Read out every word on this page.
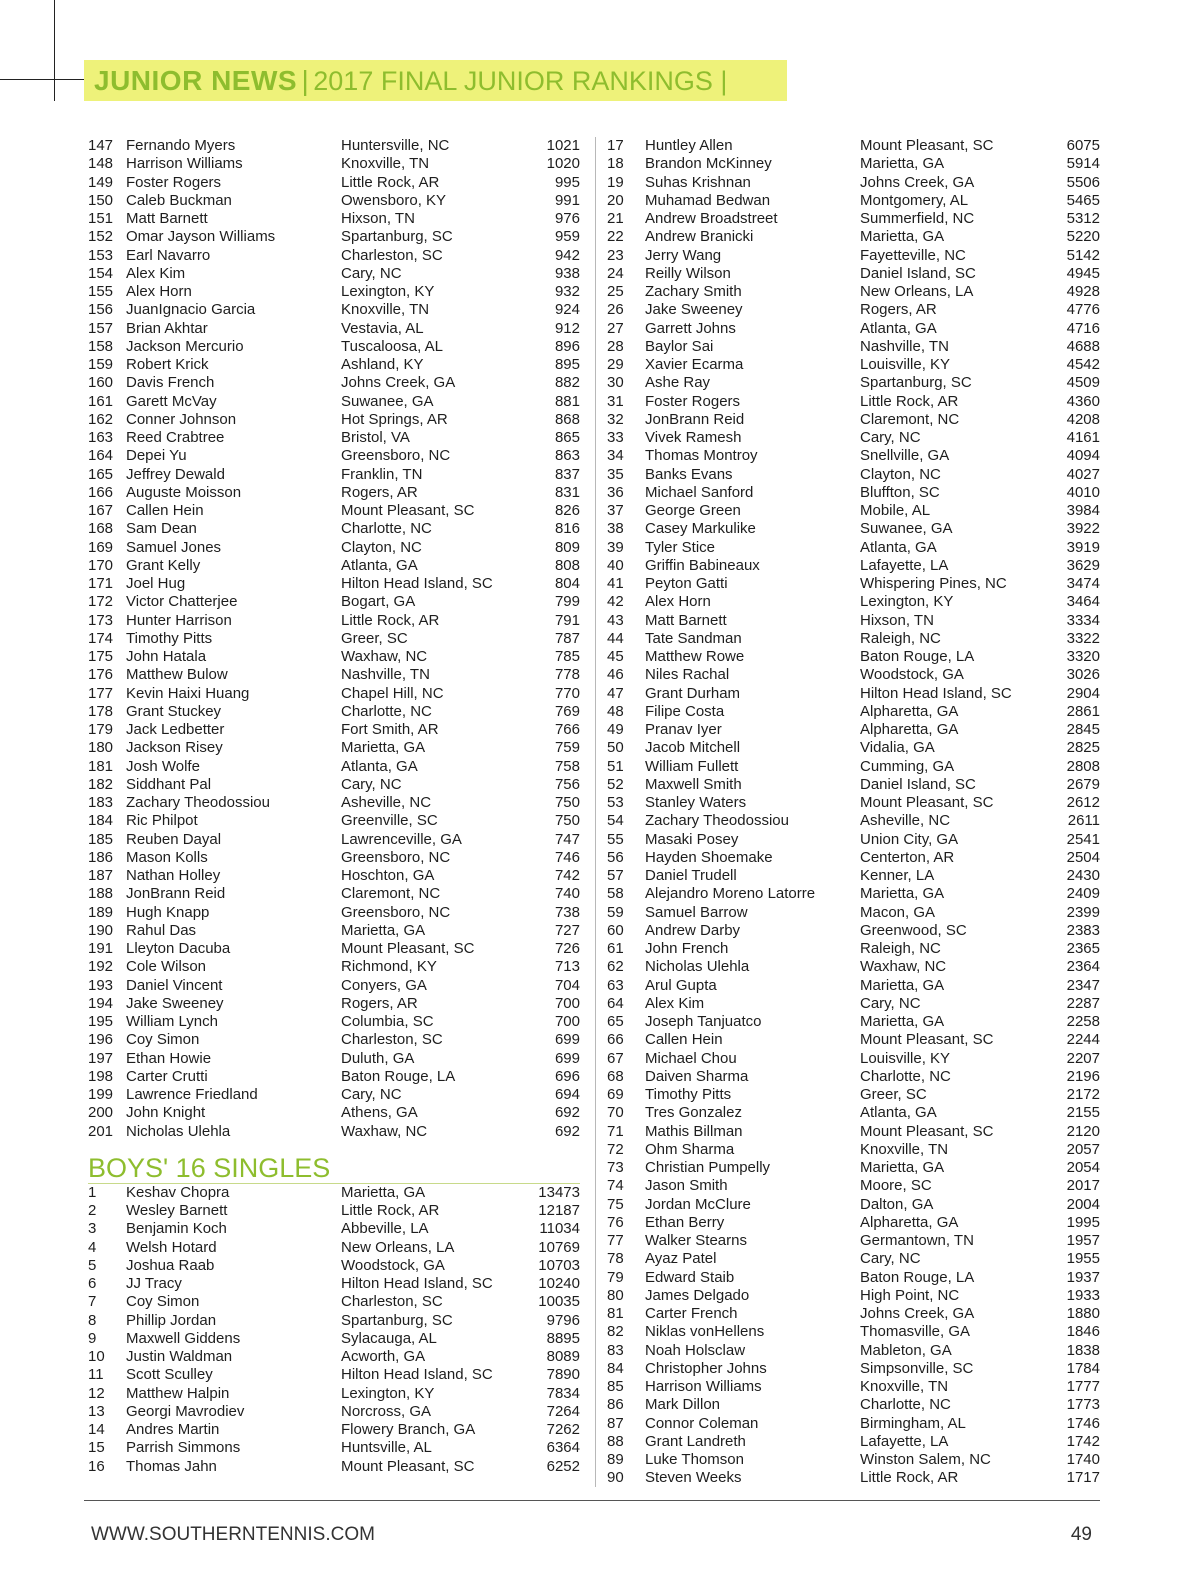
JUNIOR NEWS | 2017 FINAL JUNIOR RANKINGS |
147 Fernando Myers	Huntersville, NC	1021
148 Harrison Williams	Knoxville, TN	1020
149 Foster Rogers	Little Rock, AR	995
150 Caleb Buckman	Owensboro, KY	991
151 Matt Barnett	Hixson, TN	976
152 Omar Jayson Williams	Spartanburg, SC	959
153 Earl Navarro	Charleston, SC	942
154 Alex Kim	Cary, NC	938
155 Alex Horn	Lexington, KY	932
156 JuanIgnacio Garcia	Knoxville, TN	924
157 Brian Akhtar	Vestavia, AL	912
158 Jackson Mercurio	Tuscaloosa, AL	896
159 Robert Krick	Ashland, KY	895
160 Davis French	Johns Creek, GA	882
161 Garett McVay	Suwanee, GA	881
162 Conner Johnson	Hot Springs, AR	868
163 Reed Crabtree	Bristol, VA	865
164 Depei Yu	Greensboro, NC	863
165 Jeffrey Dewald	Franklin, TN	837
166 Auguste Moisson	Rogers, AR	831
167 Callen Hein	Mount Pleasant, SC	826
168 Sam Dean	Charlotte, NC	816
169 Samuel Jones	Clayton, NC	809
170 Grant Kelly	Atlanta, GA	808
171 Joel Hug	Hilton Head Island, SC	804
172 Victor Chatterjee	Bogart, GA	799
173 Hunter Harrison	Little Rock, AR	791
174 Timothy Pitts	Greer, SC	787
175 John Hatala	Waxhaw, NC	785
176 Matthew Bulow	Nashville, TN	778
177 Kevin Haixi Huang	Chapel Hill, NC	770
178 Grant Stuckey	Charlotte, NC	769
179 Jack Ledbetter	Fort Smith, AR	766
180 Jackson Risey	Marietta, GA	759
181 Josh Wolfe	Atlanta, GA	758
182 Siddhant Pal	Cary, NC	756
183 Zachary Theodossiou	Asheville, NC	750
184 Ric Philpot	Greenville, SC	750
185 Reuben Dayal	Lawrenceville, GA	747
186 Mason Kolls	Greensboro, NC	746
187 Nathan Holley	Hoschton, GA	742
188 JonBrann Reid	Claremont, NC	740
189 Hugh Knapp	Greensboro, NC	738
190 Rahul Das	Marietta, GA	727
191 Lleyton Dacuba	Mount Pleasant, SC	726
192 Cole Wilson	Richmond, KY	713
193 Daniel Vincent	Conyers, GA	704
194 Jake Sweeney	Rogers, AR	700
195 William Lynch	Columbia, SC	700
196 Coy Simon	Charleston, SC	699
197 Ethan Howie	Duluth, GA	699
198 Carter Crutti	Baton Rouge, LA	696
199 Lawrence Friedland	Cary, NC	694
200 John Knight	Athens, GA	692
201 Nicholas Ulehla	Waxhaw, NC	692
BOYS' 16 SINGLES
1 Keshav Chopra	Marietta, GA	13473
2 Wesley Barnett	Little Rock, AR	12187
3 Benjamin Koch	Abbeville, LA	11034
4 Welsh Hotard	New Orleans, LA	10769
5 Joshua Raab	Woodstock, GA	10703
6 JJ Tracy	Hilton Head Island, SC	10240
7 Coy Simon	Charleston, SC	10035
8 Phillip Jordan	Spartanburg, SC	9796
9 Maxwell Giddens	Sylacauga, AL	8895
10 Justin Waldman	Acworth, GA	8089
11 Scott Sculley	Hilton Head Island, SC	7890
12 Matthew Halpin	Lexington, KY	7834
13 Georgi Mavrodiev	Norcross, GA	7264
14 Andres Martin	Flowery Branch, GA	7262
15 Parrish Simmons	Huntsville, AL	6364
16 Thomas Jahn	Mount Pleasant, SC	6252
17 Huntley Allen	Mount Pleasant, SC	6075
18 Brandon McKinney	Marietta, GA	5914
19 Suhas Krishnan	Johns Creek, GA	5506
20 Muhamad Bedwan	Montgomery, AL	5465
21 Andrew Broadstreet	Summerfield, NC	5312
22 Andrew Branicki	Marietta, GA	5220
23 Jerry Wang	Fayetteville, NC	5142
24 Reilly Wilson	Daniel Island, SC	4945
25 Zachary Smith	New Orleans, LA	4928
26 Jake Sweeney	Rogers, AR	4776
27 Garrett Johns	Atlanta, GA	4716
28 Baylor Sai	Nashville, TN	4688
29 Xavier Ecarma	Louisville, KY	4542
30 Ashe Ray	Spartanburg, SC	4509
31 Foster Rogers	Little Rock, AR	4360
32 JonBrann Reid	Claremont, NC	4208
33 Vivek Ramesh	Cary, NC	4161
34 Thomas Montroy	Snellville, GA	4094
35 Banks Evans	Clayton, NC	4027
36 Michael Sanford	Bluffton, SC	4010
37 George Green	Mobile, AL	3984
38 Casey Markulike	Suwanee, GA	3922
39 Tyler Stice	Atlanta, GA	3919
40 Griffin Babineaux	Lafayette, LA	3629
41 Peyton Gatti	Whispering Pines, NC	3474
42 Alex Horn	Lexington, KY	3464
43 Matt Barnett	Hixson, TN	3334
44 Tate Sandman	Raleigh, NC	3322
45 Matthew Rowe	Baton Rouge, LA	3320
46 Niles Rachal	Woodstock, GA	3026
47 Grant Durham	Hilton Head Island, SC	2904
48 Filipe Costa	Alpharetta, GA	2861
49 Pranav Iyer	Alpharetta, GA	2845
50 Jacob Mitchell	Vidalia, GA	2825
51 William Fullett	Cumming, GA	2808
52 Maxwell Smith	Daniel Island, SC	2679
53 Stanley Waters	Mount Pleasant, SC	2612
54 Zachary Theodossiou	Asheville, NC	2611
55 Masaki Posey	Union City, GA	2541
56 Hayden Shoemake	Centerton, AR	2504
57 Daniel Trudell	Kenner, LA	2430
58 Alejandro Moreno Latorre	Marietta, GA	2409
59 Samuel Barrow	Macon, GA	2399
60 Andrew Darby	Greenwood, SC	2383
61 John French	Raleigh, NC	2365
62 Nicholas Ulehla	Waxhaw, NC	2364
63 Arul Gupta	Marietta, GA	2347
64 Alex Kim	Cary, NC	2287
65 Joseph Tanjuatco	Marietta, GA	2258
66 Callen Hein	Mount Pleasant, SC	2244
67 Michael Chou	Louisville, KY	2207
68 Daiven Sharma	Charlotte, NC	2196
69 Timothy Pitts	Greer, SC	2172
70 Tres Gonzalez	Atlanta, GA	2155
71 Mathis Billman	Mount Pleasant, SC	2120
72 Ohm Sharma	Knoxville, TN	2057
73 Christian Pumpelly	Marietta, GA	2054
74 Jason Smith	Moore, SC	2017
75 Jordan McClure	Dalton, GA	2004
76 Ethan Berry	Alpharetta, GA	1995
77 Walker Stearns	Germantown, TN	1957
78 Ayaz Patel	Cary, NC	1955
79 Edward Staib	Baton Rouge, LA	1937
80 James Delgado	High Point, NC	1933
81 Carter French	Johns Creek, GA	1880
82 Niklas vonHellens	Thomasville, GA	1846
83 Noah Holsclaw	Mableton, GA	1838
84 Christopher Johns	Simpsonville, SC	1784
85 Harrison Williams	Knoxville, TN	1777
86 Mark Dillon	Charlotte, NC	1773
87 Connor Coleman	Birmingham, AL	1746
88 Grant Landreth	Lafayette, LA	1742
89 Luke Thomson	Winston Salem, NC	1740
90 Steven Weeks	Little Rock, AR	1717
WWW.SOUTHERNTENNIS.COM	49
